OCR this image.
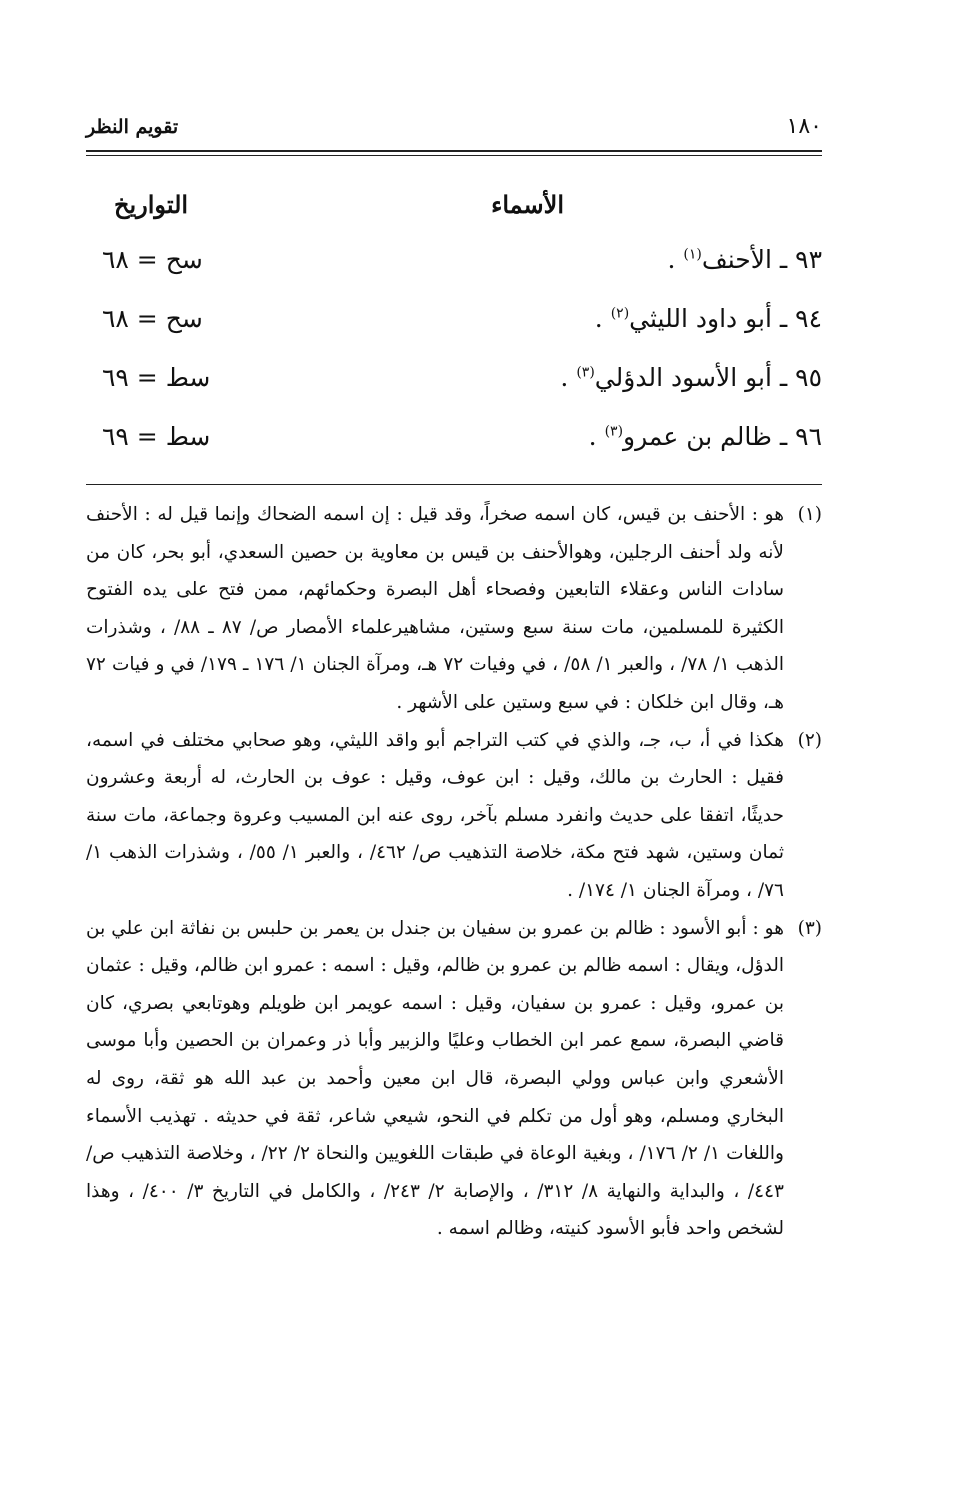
١٨٠
تقويم النظر
الأسماء
التواريخ
٩٣ ـ الأحنف$^{(١)}$ .
سح = ٦٨
٩٤ ـ أبو داود الليثي$^{(٢)}$ .
سح = ٦٨
٩٥ ـ أبو الأسود الدؤلي$^{(٣)}$ .
سط = ٦٩
٩٦ ـ ظالم بن عمرو$^{(٣)}$ .
سط = ٦٩
(١)
هو : الأحنف بن قيس، كان اسمه صخراً، وقد قيل : إن اسمه الضحاك وإنما قيل له : الأحنف لأنه ولد أحنف الرجلين، وهوالأحنف بن قيس بن معاوية بن حصين السعدي، أبو بحر، كان من سادات الناس وعقلاء التابعين وفصحاء أهل البصرة وحكمائهم، ممن فتح على يده الفتوح الكثيرة للمسلمين، مات سنة سبع وستين، مشاهيرعلماء الأمصار ص/ ٨٧ ـ ٨٨/ ، وشذرات الذهب ١/ ٧٨/ ، والعبر ١/ ٥٨/ ، في وفيات ٧٢ هـ، ومرآة الجنان ١/ ١٧٦ ـ ١٧٩/ في و فيات ٧٢ هـ، وقال ابن خلكان : في سبع وستين على الأشهر .
(٢)
هكذا في أ، ب، جـ، والذي في كتب التراجم أبو واقد الليثي، وهو صحابي مختلف في اسمه، فقيل : الحارث بن مالك، وقيل : ابن عوف، وقيل : عوف بن الحارث، له أربعة وعشرون حديثًا، اتفقا على حديث وانفرد مسلم بآخر، روى عنه ابن المسيب وعروة وجماعة، مات سنة ثمان وستين، شهد فتح مكة، خلاصة التذهيب ص/ ٤٦٢/ ، والعبر ١/ ٥٥/ ، وشذرات الذهب ١/ ٧٦/ ، ومرآة الجنان ١/ ١٧٤/ .
(٣)
هو : أبو الأسود : ظالم بن عمرو بن سفيان بن جندل بن يعمر بن حلبس بن نفاثة ابن علي بن الدؤل، ويقال : اسمه ظالم بن عمرو بن ظالم، وقيل : اسمه : عمرو ابن ظالم، وقيل : عثمان بن عمرو، وقيل : عمرو بن سفيان، وقيل : اسمه عويمر ابن ظويلم وهوتابعي بصري، كان قاضي البصرة، سمع عمر ابن الخطاب وعليًا والزبير وأبا ذر وعمران بن الحصين وأبا موسى الأشعري وابن عباس وولي البصرة، قال ابن معين وأحمد بن عبد الله هو ثقة، روى له البخاري ومسلم، وهو أول من تكلم في النحو، شيعي شاعر، ثقة في حديثه . تهذيب الأسماء واللغات ١/ ٢/ ١٧٦/ ، وبغية الوعاة في طبقات اللغويين والنحاة ٢/ ٢٢/ ، وخلاصة التذهيب ص/ ٤٤٣/ ، والبداية والنهاية ٨/ ٣١٢/ ، والإصابة ٢/ ٢٤٣/ ، والكامل في التاريخ ٣/ ٤٠٠/ ، وهذا لشخص واحد فأبو الأسود كنيته، وظالم اسمه .
